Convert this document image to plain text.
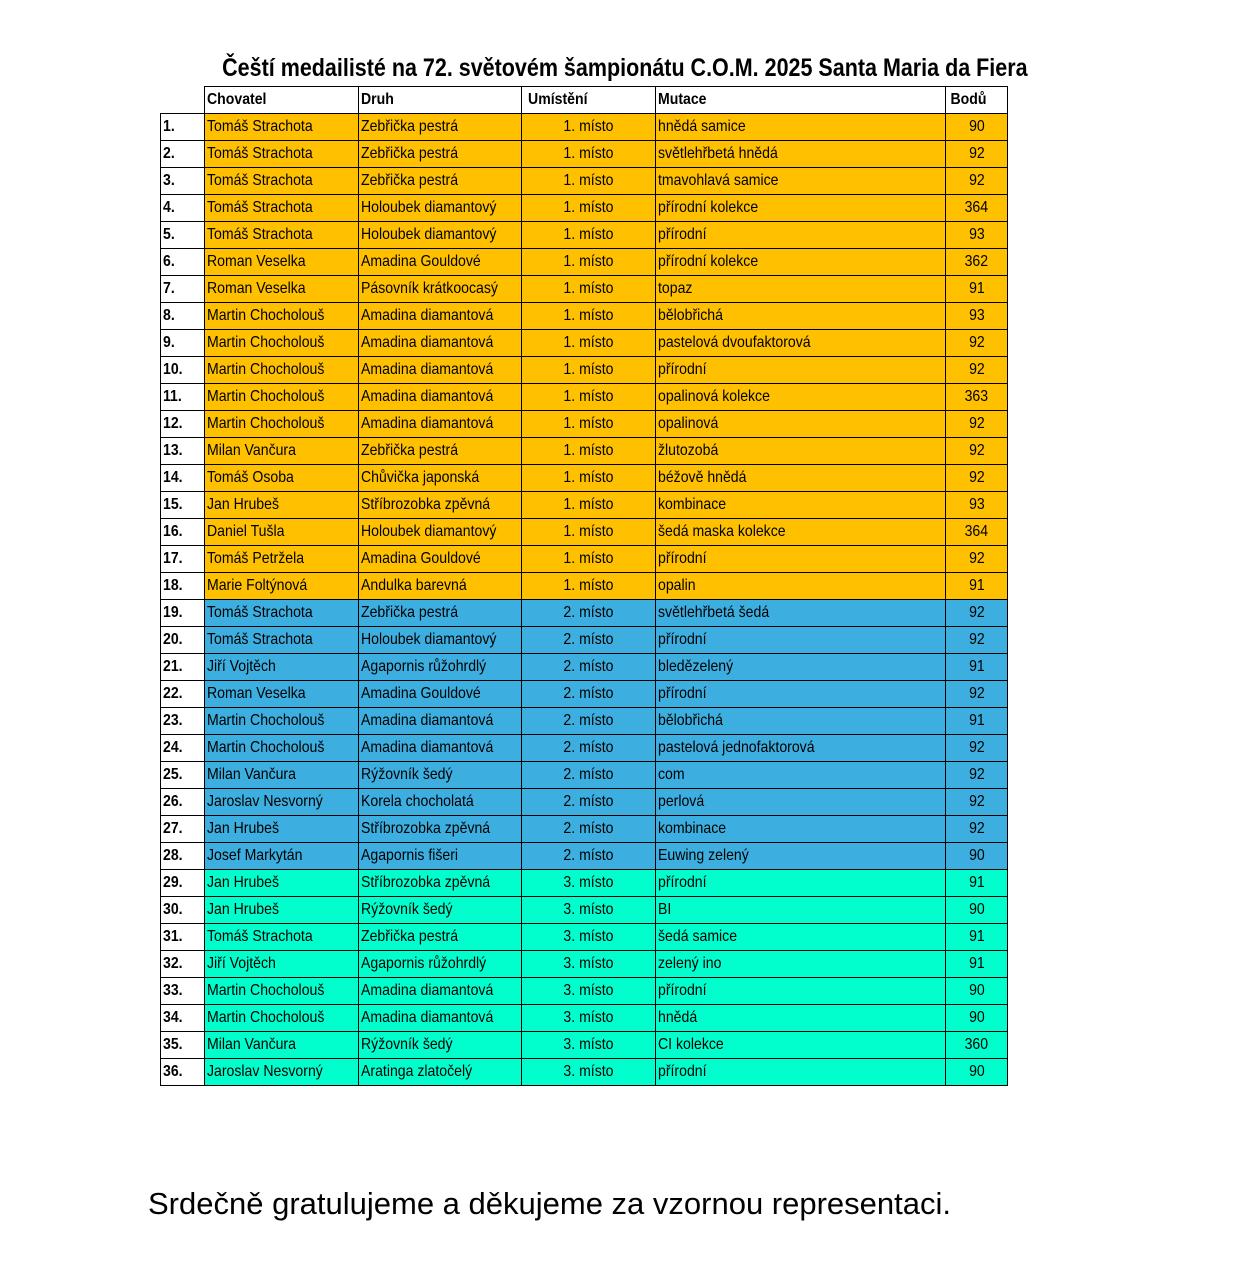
Čeští medailisté na 72. světovém šampionátu C.O.M. 2025 Santa Maria da Fiera
	Chovatel	Druh	Umístění	Mutace	Bodů
1.	Tomáš Strachota	Zebřička pestrá	1. místo	hnědá samice	90
2.	Tomáš Strachota	Zebřička pestrá	1. místo	světlehřbetá hnědá	92
3.	Tomáš Strachota	Zebřička pestrá	1. místo	tmavohlavá samice	92
4.	Tomáš Strachota	Holoubek diamantový	1. místo	přírodní kolekce	364
5.	Tomáš Strachota	Holoubek diamantový	1. místo	přírodní	93
6.	Roman Veselka	Amadina Gouldové	1. místo	přírodní kolekce	362
7.	Roman Veselka	Pásovník krátkoocasý	1. místo	topaz	91
8.	Martin Chocholouš	Amadina diamantová	1. místo	bělobřichá	93
9.	Martin Chocholouš	Amadina diamantová	1. místo	pastelová dvoufaktorová	92
10.	Martin Chocholouš	Amadina diamantová	1. místo	přírodní	92
11.	Martin Chocholouš	Amadina diamantová	1. místo	opalinová kolekce	363
12.	Martin Chocholouš	Amadina diamantová	1. místo	opalinová	92
13.	Milan Vančura	Zebřička pestrá	1. místo	žlutozobá	92
14.	Tomáš Osoba	Chůvička japonská	1. místo	béžově hnědá	92
15.	Jan Hrubeš	Stříbrozobka zpěvná	1. místo	kombinace	93
16.	Daniel Tušla	Holoubek diamantový	1. místo	šedá maska kolekce	364
17.	Tomáš Petržela	Amadina Gouldové	1. místo	přírodní	92
18.	Marie Foltýnová	Andulka barevná	1. místo	opalin	91
19.	Tomáš Strachota	Zebřička pestrá	2. místo	světlehřbetá šedá	92
20.	Tomáš Strachota	Holoubek diamantový	2. místo	přírodní	92
21.	Jiří Vojtěch	Agapornis růžohrdlý	2. místo	bledězelený	91
22.	Roman Veselka	Amadina Gouldové	2. místo	přírodní	92
23.	Martin Chocholouš	Amadina diamantová	2. místo	bělobřichá	91
24.	Martin Chocholouš	Amadina diamantová	2. místo	pastelová jednofaktorová	92
25.	Milan Vančura	Rýžovník šedý	2. místo	com	92
26.	Jaroslav Nesvorný	Korela chocholatá	2. místo	perlová	92
27.	Jan Hrubeš	Stříbrozobka zpěvná	2. místo	kombinace	92
28.	Josef Markytán	Agapornis fišeri	2. místo	Euwing zelený	90
29.	Jan Hrubeš	Stříbrozobka zpěvná	3. místo	přírodní	91
30.	Jan Hrubeš	Rýžovník šedý	3. místo	BI	90
31.	Tomáš Strachota	Zebřička pestrá	3. místo	šedá samice	91
32.	Jiří Vojtěch	Agapornis růžohrdlý	3. místo	zelený ino	91
33.	Martin Chocholouš	Amadina diamantová	3. místo	přírodní	90
34.	Martin Chocholouš	Amadina diamantová	3. místo	hnědá	90
35.	Milan Vančura	Rýžovník šedý	3. místo	CI kolekce	360
36.	Jaroslav Nesvorný	Aratinga zlatočelý	3. místo	přírodní	90
Srdečně gratulujeme a děkujeme za vzornou representaci.
